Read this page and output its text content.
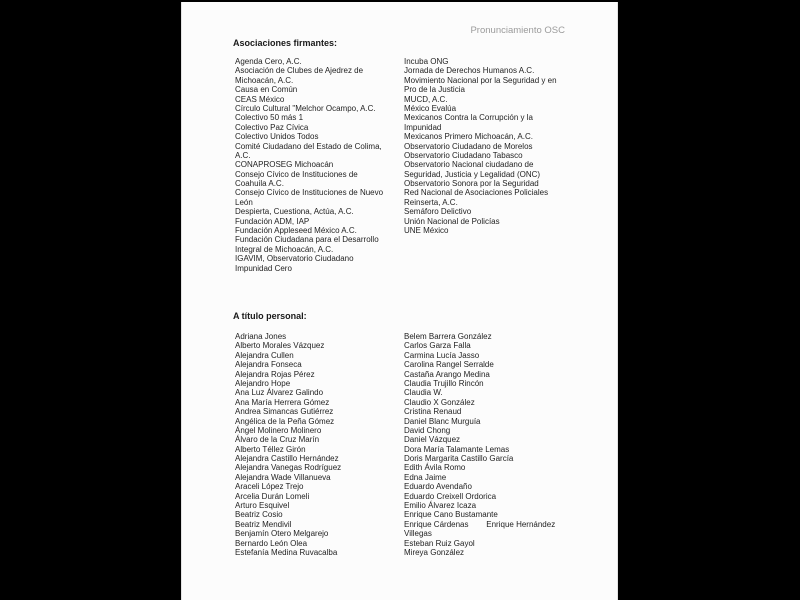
Pronunciamiento OSC
Asociaciones firmantes:
Agenda Cero, A.C.
Asociación de Clubes de Ajedrez de
Michoacán, A.C.
Causa en Común
CEAS México
Círculo Cultural "Melchor Ocampo, A.C.
Colectivo 50 más 1
Colectivo Paz Cívica
Colectivo Unidos Todos
Comité Ciudadano del Estado de Colima,
A.C.
CONAPROSEG Michoacán
Consejo Cívico de Instituciones de
Coahuila A.C.
Consejo Cívico de Instituciones de Nuevo
León
Despierta, Cuestiona, Actúa, A.C.
Fundación ADM, IAP
Fundación Appleseed México A.C.
Fundación Ciudadana para el Desarrollo
Integral de Michoacán, A.C.
IGAVIM, Observatorio Ciudadano
Impunidad Cero
Incuba ONG
Jornada de Derechos Humanos A.C.
Movimiento Nacional por la Seguridad y en
Pro de la Justicia
MUCD, A.C.
México Evalúa
Mexicanos Contra la Corrupción y la
Impunidad
Mexicanos Primero Michoacán, A.C.
Observatorio Ciudadano de Morelos
Observatorio Ciudadano Tabasco
Observatorio Nacional ciudadano de
Seguridad, Justicia y Legalidad (ONC)
Observatorio Sonora por la Seguridad
Red Nacional de Asociaciones Policiales
Reinserta, A.C.
Semáforo Delictivo
Unión Nacional de Policías
UNE México
A título personal:
Adriana Jones
Alberto Morales Vázquez
Alejandra Cullen
Alejandra Fonseca
Alejandra Rojas Pérez
Alejandro Hope
Ana Luz Álvarez Galindo
Ana María Herrera Gómez
Andrea Simancas Gutiérrez
Angélica de la Peña Gómez
Ángel Molinero Molinero
Álvaro de la Cruz Marín
Alberto Téllez Girón
Alejandra Castillo Hernández
Alejandra Vanegas Rodríguez
Alejandra Wade Villanueva
Araceli López Trejo
Arcelia Durán Lomeli
Arturo Esquivel
Beatriz Cosio
Beatriz Mendivil
Benjamín Otero Melgarejo
Bernardo León Olea
Estefanía Medina Ruvacalba
Belem Barrera González
Carlos Garza Falla
Carmina Lucía Jasso
Carolina Rangel Serralde
Castaña Arango Medina
Claudia Trujillo Rincón
Claudia W.
Claudio X González
Cristina Renaud
Daniel Blanc Murguía
David Chong
Daniel Vázquez
Dora María Talamante Lemas
Doris Margarita Castillo García
Edith Ávila Romo
Edna Jaime
Eduardo Avendaño
Eduardo Creixell Ordorica
Emilio Álvarez Icaza
Enrique Cano Bustamante
Enrique Cárdenas        Enrique Hernández
Villegas
Esteban Ruiz Gayol
Mireya González
